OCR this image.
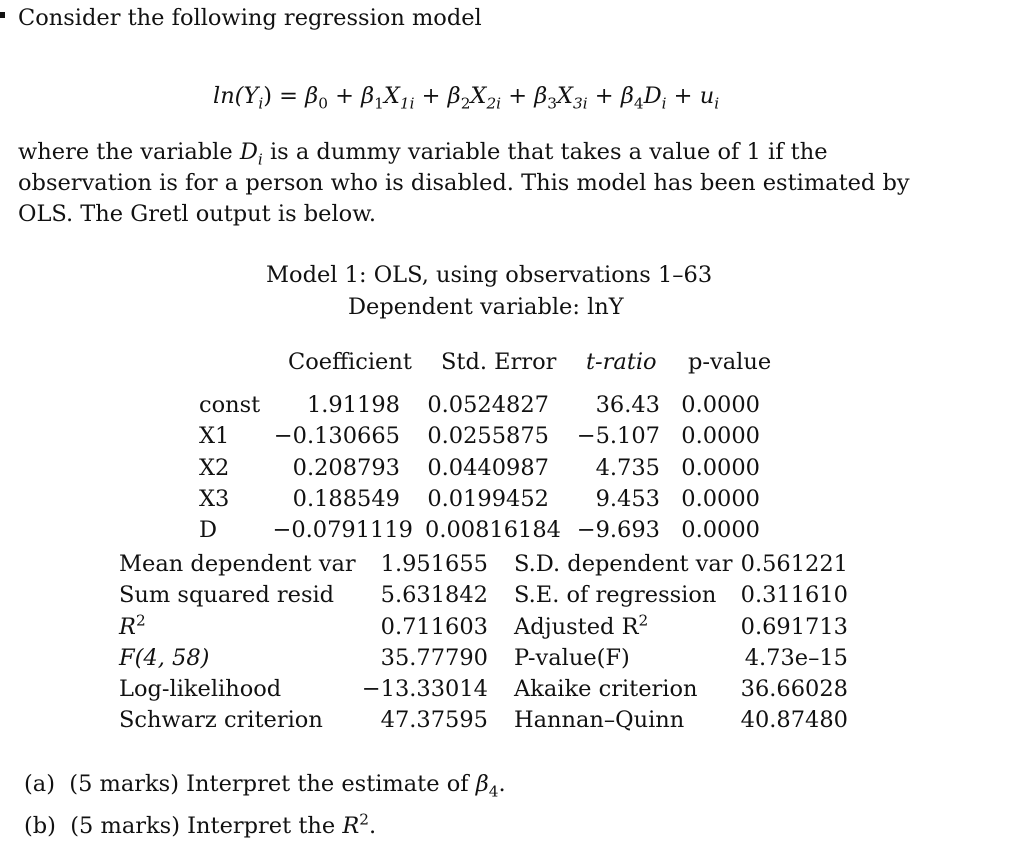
Consider the following regression model
$\ln(Y_i) = \beta_0 + \beta_1X_{1i} + \beta_2X_{2i} + \beta_3X_{3i} + \beta_4D_i + u_i$
where the variable $D_i$ is a dummy variable that takes a value of 1 if the observation is for a person who is disabled. This model has been estimated by OLS. The Gretl output is below.
Model 1: OLS, using observations 1–63
Dependent variable: lnY
Coefficient Std. Error t-ratio p-value
const 1.91198 0.0524827 36.43 0.0000
X1 −0.130665 0.0255875 −5.107 0.0000
X2	0.208793 0.0440987 4.735 0.0000
X3	0.188549 0.0199452 9.453 0.0000
D −0.0791119 0.00816184 −9.693 0.0000
Mean dependent var 1.951655 S.D. dependent var 0.561221
Sum squared resid 5.631842 S.E. of regression 0.311610
$R^2$	0.711603 Adjusted $R^2$	0.691713
F(4, 58)	35.77790 P-value(F)	4.73e–15
Log-likelihood	−13.33014 Akaike criterion 36.66028
Schwarz criterion	47.37595 Hannan–Quinn	40.87480
(a) (5 marks) Interpret the estimate of $\beta_4$.
(b) (5 marks) Interpret the $R^2$.
